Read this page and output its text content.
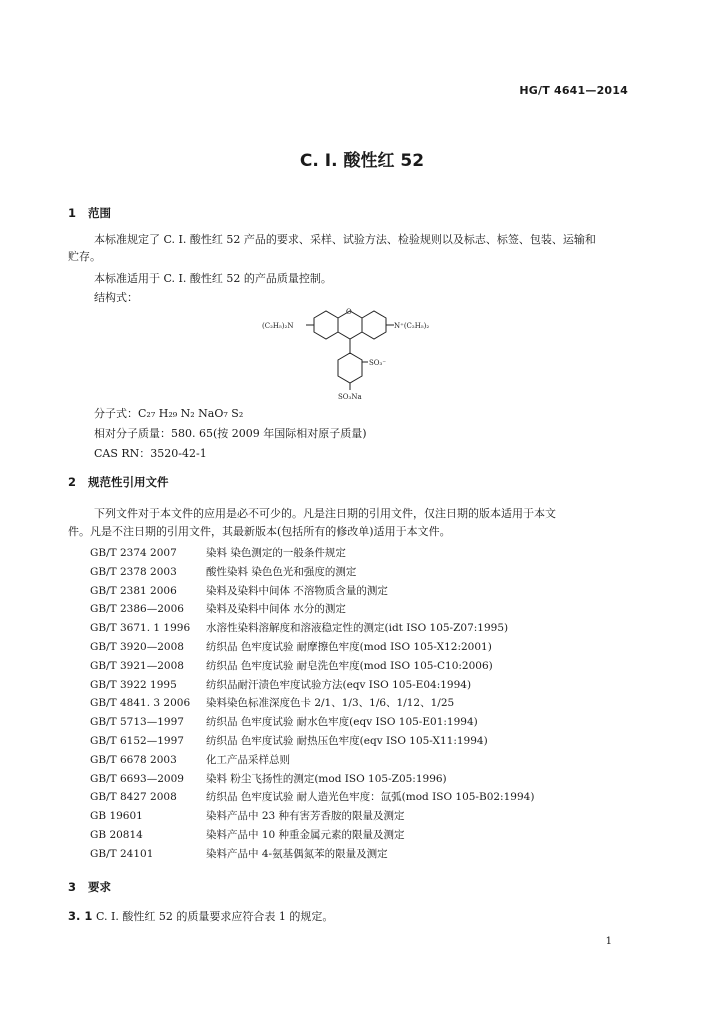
HG/T 4641—2014
C. I. 酸性红 52
1 范围
本标准规定了 C. I. 酸性红 52 产品的要求、采样、试验方法、检验规则以及标志、标签、包装、运输和
贮存。
本标准适用于 C. I. 酸性红 52 的产品质量控制。
结构式：
(C₂H₅)₂N
O
N⁺(C₂H₅)₂
SO₃⁻
SO₃Na
分子式：C₂₇ H₂₉ N₂ NaO₇ S₂
相对分子质量：580. 65(按 2009 年国际相对原子质量)
CAS RN：3520-42-1
2 规范性引用文件
下列文件对于本文件的应用是必不可少的。凡是注日期的引用文件，仅注日期的版本适用于本文
件。凡是不注日期的引用文件，其最新版本(包括所有的修改单)适用于本文件。
GB/T 2374 2007	染料 染色测定的一般条件规定
GB/T 2378 2003	酸性染料 染色色光和强度的测定
GB/T 2381 2006	染料及染料中间体 不溶物质含量的测定
GB/T 2386—2006 染料及染料中间体 水分的测定
GB/T 3671. 1 1996 水溶性染料溶解度和溶液稳定性的测定(idt ISO 105-Z07:1995)
GB/T 3920—2008 纺织品 色牢度试验 耐摩擦色牢度(mod ISO 105-X12:2001)
GB/T 3921—2008 纺织品 色牢度试验 耐皂洗色牢度(mod ISO 105-C10:2006)
GB/T 3922 1995	纺织品耐汗渍色牢度试验方法(eqv ISO 105-E04:1994)
GB/T 4841. 3 2006 染料染色标准深度色卡 2/1、1/3、1/6、1/12、1/25
GB/T 5713—1997 纺织品 色牢度试验 耐水色牢度(eqv ISO 105-E01:1994)
GB/T 6152—1997 纺织品 色牢度试验 耐热压色牢度(eqv ISO 105-X11:1994)
GB/T 6678 2003	化工产品采样总则
GB/T 6693—2009 染料 粉尘飞扬性的测定(mod ISO 105-Z05:1996)
GB/T 8427 2008	纺织品 色牢度试验 耐人造光色牢度：氙弧(mod ISO 105-B02:1994)
GB 19601	染料产品中 23 种有害芳香胺的限量及测定
GB 20814	染料产品中 10 种重金属元素的限量及测定
GB/T 24101	染料产品中 4-氨基偶氮苯的限量及测定
3 要求
3. 1 C. I. 酸性红 52 的质量要求应符合表 1 的规定。
1
